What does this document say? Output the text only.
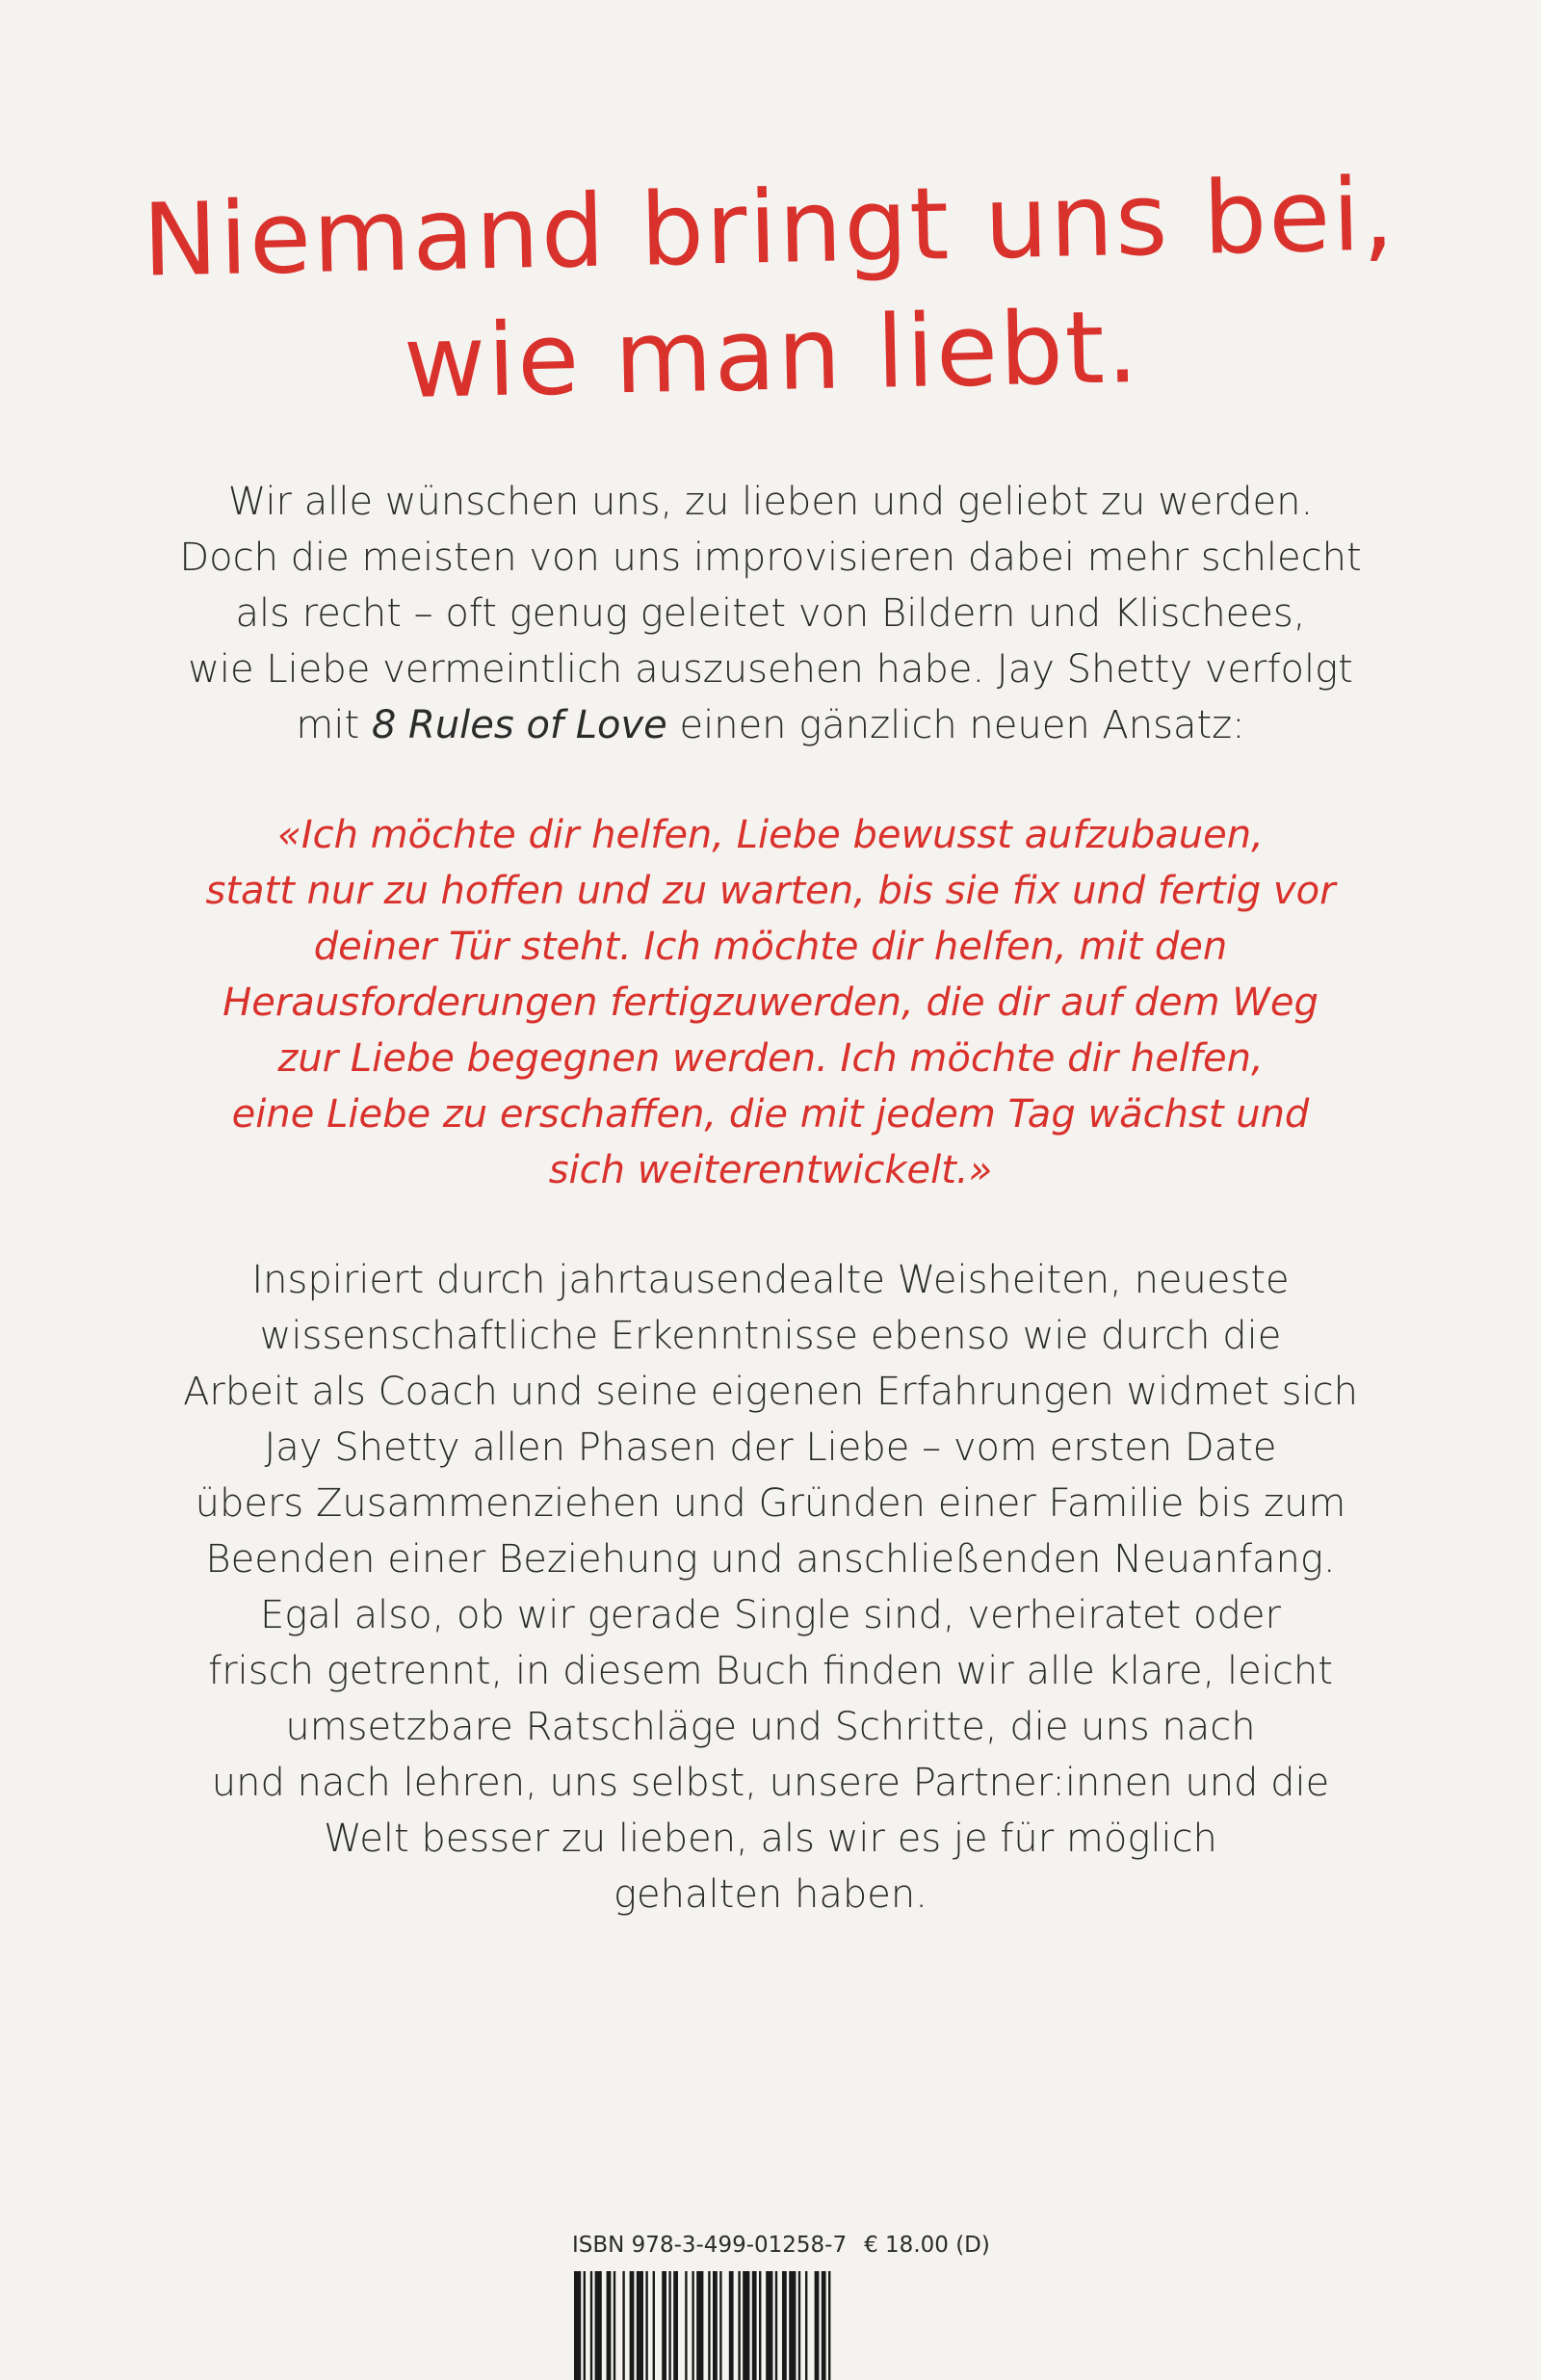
Niemand bringt uns bei,
wie man liebt.
Wir alle wünschen uns, zu lieben und geliebt zu werden.
Doch die meisten von uns improvisieren dabei mehr schlecht
als recht – oft genug geleitet von Bildern und Klischees,
wie Liebe vermeintlich auszusehen habe. Jay Shetty verfolgt
mit 8 Rules of Love einen gänzlich neuen Ansatz:
«Ich möchte dir helfen, Liebe bewusst aufzubauen,
statt nur zu hoffen und zu warten, bis sie fix und fertig vor
deiner Tür steht. Ich möchte dir helfen, mit den
Herausforderungen fertigzuwerden, die dir auf dem Weg
zur Liebe begegnen werden. Ich möchte dir helfen,
eine Liebe zu erschaffen, die mit jedem Tag wächst und
sich weiterentwickelt.»
Inspiriert durch jahrtausendealte Weisheiten, neueste
wissenschaftliche Erkenntnisse ebenso wie durch die
Arbeit als Coach und seine eigenen Erfahrungen widmet sich
Jay Shetty allen Phasen der Liebe – vom ersten Date
übers Zusammenziehen und Gründen einer Familie bis zum
Beenden einer Beziehung und anschließenden Neuanfang.
Egal also, ob wir gerade Single sind, verheiratet oder
frisch getrennt, in diesem Buch finden wir alle klare, leicht
umsetzbare Ratschläge und Schritte, die uns nach
und nach lehren, uns selbst, unsere Partner:innen und die
Welt besser zu lieben, als wir es je für möglich
gehalten haben.
ISBN 978-3-499-01258-7 € 18.00 (D)
